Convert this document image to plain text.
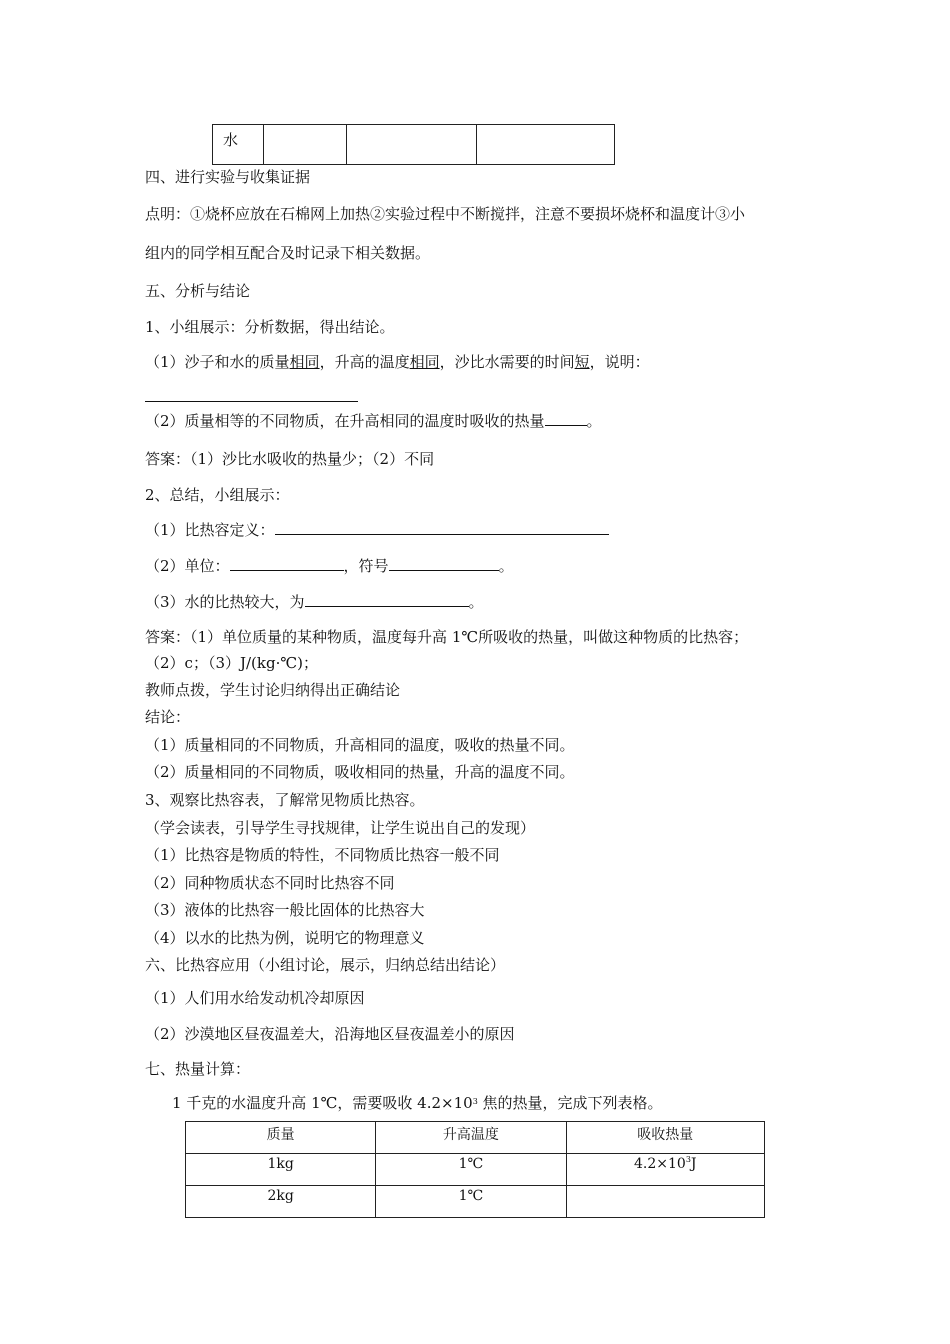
水			
四、进行实验与收集证据
点明：①烧杯应放在石棉网上加热②实验过程中不断搅拌，注意不要损坏烧杯和温度计③小
组内的同学相互配合及时记录下相关数据。
五、分析与结论
1、小组展示：分析数据，得出结论。
（1）沙子和水的质量相同，升高的温度相同，沙比水需要的时间短，说明：
（2）质量相等的不同物质，在升高相同的温度时吸收的热量	。
答案：（1）沙比水吸收的热量少；（2）不同
2、总结，小组展示：
（1）比热容定义：
（2）单位：	，符号	。
（3）水的比热较大，为	。
答案：（1）单位质量的某种物质，温度每升高 1℃所吸收的热量，叫做这种物质的比热容；
（2）c；（3）J/(kg·℃)；
教师点拨，学生讨论归纳得出正确结论
结论：
（1）质量相同的不同物质，升高相同的温度，吸收的热量不同。
（2）质量相同的不同物质，吸收相同的热量，升高的温度不同。
3、观察比热容表，了解常见物质比热容。
（学会读表，引导学生寻找规律，让学生说出自己的发现）
（1）比热容是物质的特性，不同物质比热容一般不同
（2）同种物质状态不同时比热容不同
（3）液体的比热容一般比固体的比热容大
（4）以水的比热为例，说明它的物理意义
六、比热容应用（小组讨论，展示，归纳总结出结论）
（1）人们用水给发动机冷却原因
（2）沙漠地区昼夜温差大，沿海地区昼夜温差小的原因
七、热量计算：
1 千克的水温度升高 1℃，需要吸收 $4.2\times 10^3$ 焦的热量，完成下列表格。
质量	升高温度	吸收热量
1kg	1℃	$4.2\times 10^3J$
2kg	1℃	
